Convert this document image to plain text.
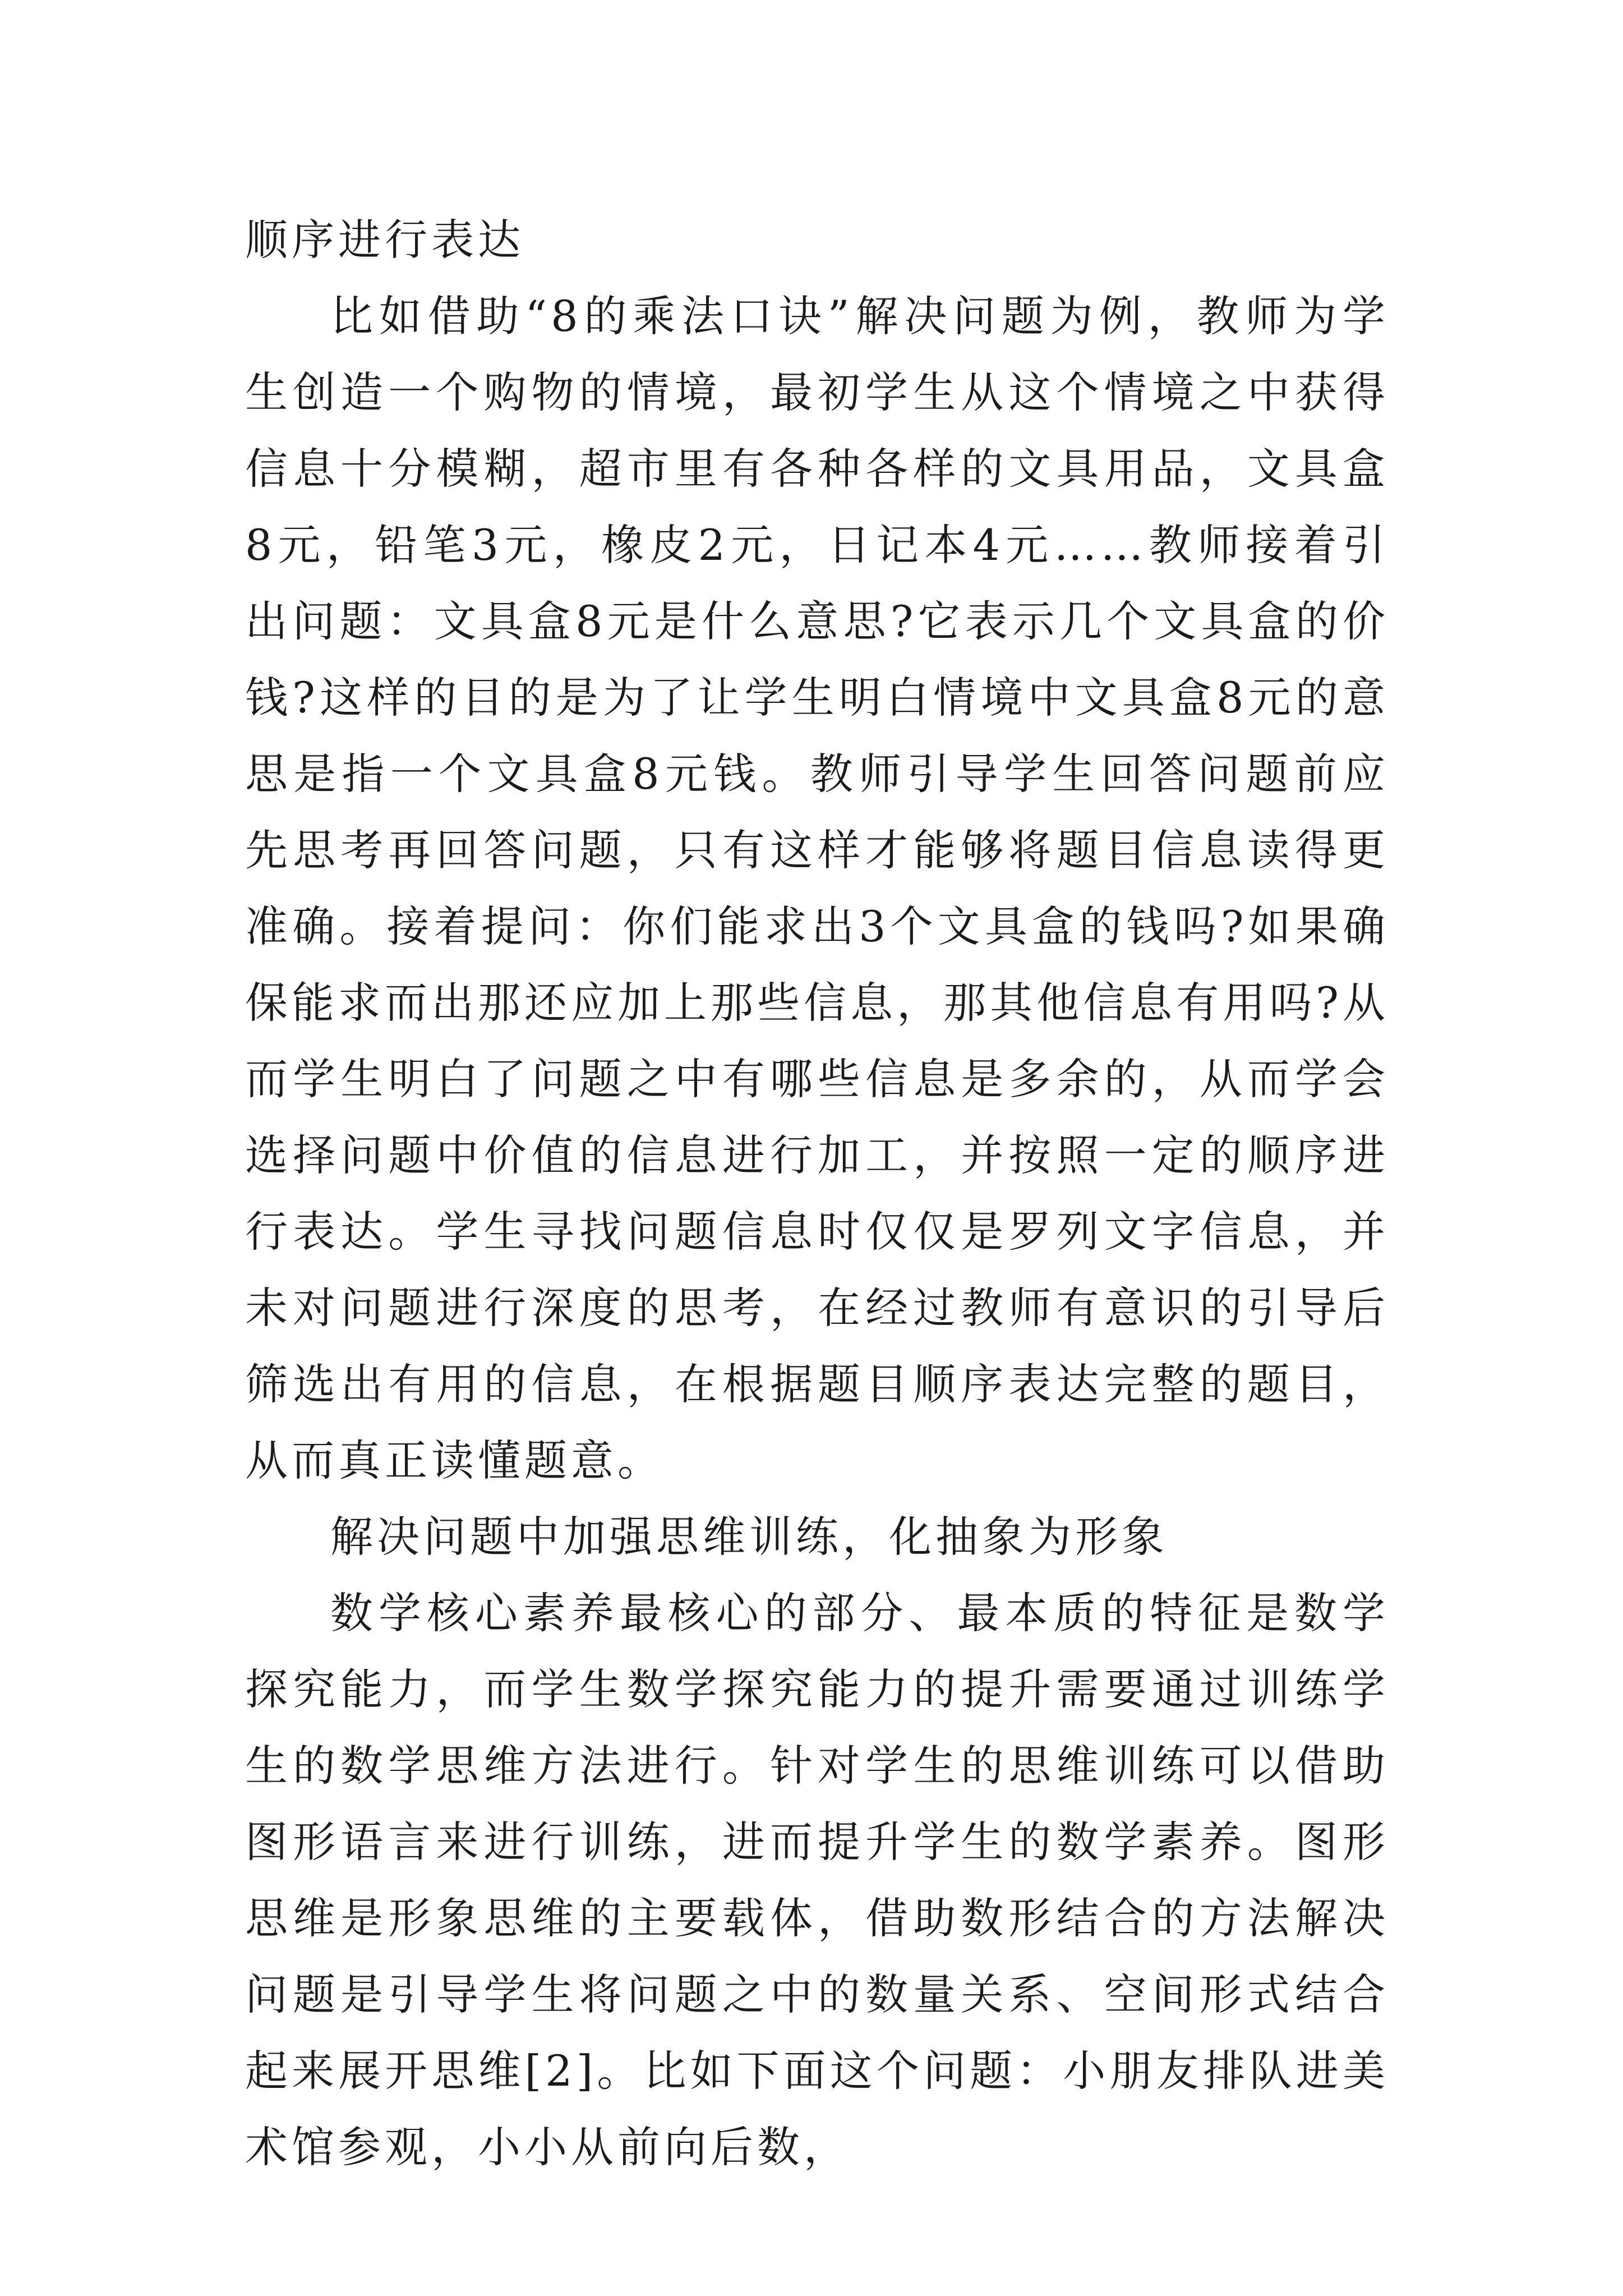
顺序进行表达

比如借助“8的乘法口诀”解决问题为例，教师为学生创造一个购物的情境，最初学生从这个情境之中获得信息十分模糊，超市里有各种各样的文具用品，文具盒8元，铅笔3元，橡皮2元，日记本4元……教师接着引出问题：文具盒8元是什么意思?它表示几个文具盒的价钱?这样的目的是为了让学生明白情境中文具盒8元的意思是指一个文具盒8元钱。教师引导学生回答问题前应先思考再回答问题，只有这样才能够将题目信息读得更准确。接着提问：你们能求出3个文具盒的钱吗?如果确保能求而出那还应加上那些信息，那其他信息有用吗?从而学生明白了问题之中有哪些信息是多余的，从而学会选择问题中价值的信息进行加工，并按照一定的顺序进行表达。学生寻找问题信息时仅仅是罗列文字信息，并未对问题进行深度的思考，在经过教师有意识的引导后筛选出有用的信息，在根据题目顺序表达完整的题目，从而真正读懂题意。

解决问题中加强思维训练，化抽象为形象

数学核心素养最核心的部分、最本质的特征是数学探究能力，而学生数学探究能力的提升需要通过训练学生的数学思维方法进行。针对学生的思维训练可以借助图形语言来进行训练，进而提升学生的数学素养。图形思维是形象思维的主要载体，借助数形结合的方法解决问题是引导学生将问题之中的数量关系、空间形式结合起来展开思维[2]。比如下面这个问题：小朋友排队进美术馆参观，小小从前向后数，
